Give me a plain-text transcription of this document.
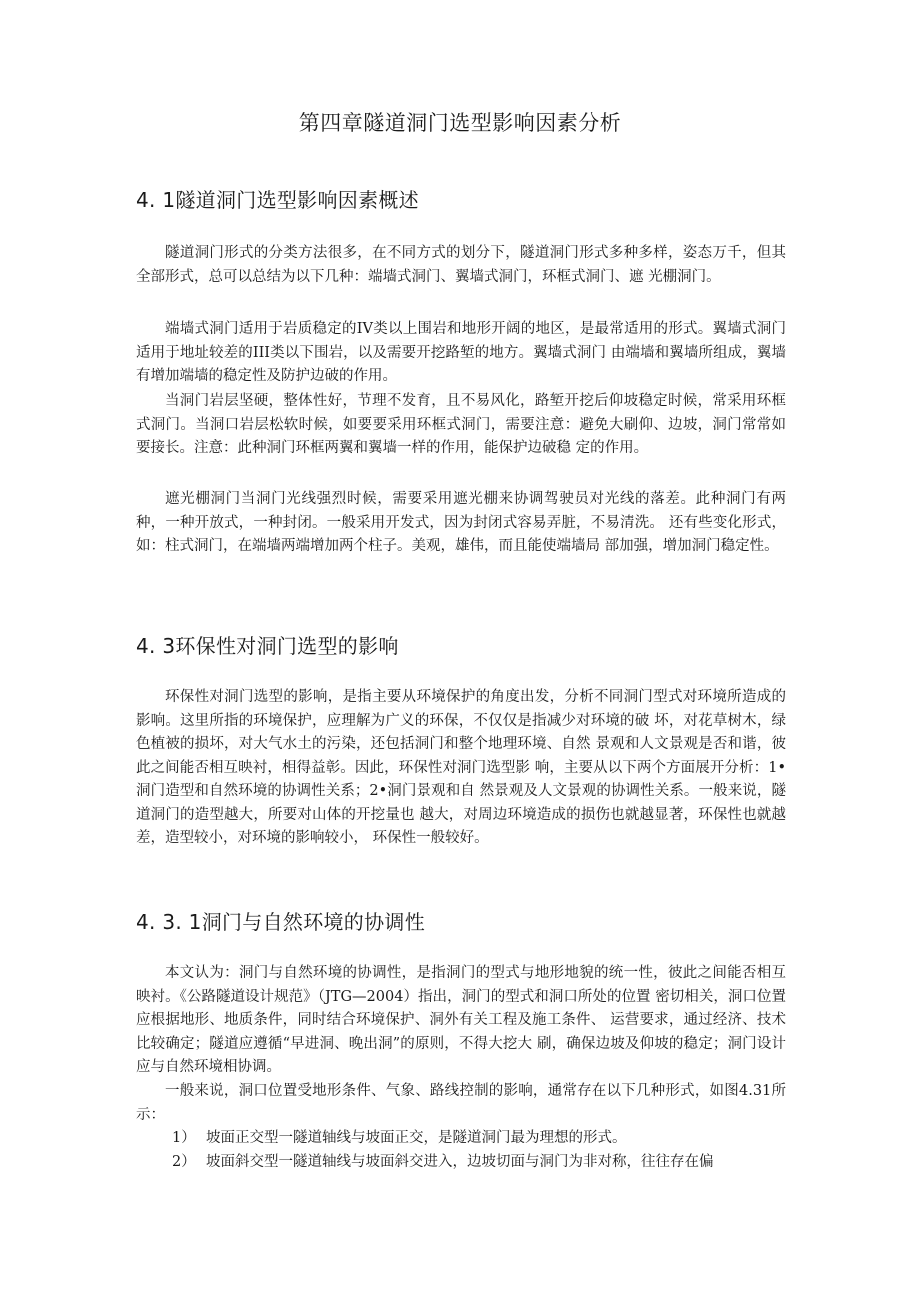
第四章隧道洞门选型影响因素分析
4. 1隧道洞门选型影响因素概述

隧道洞门形式的分类方法很多，在不同方式的划分下，隧道洞门形式多种多样，姿态万千，但其全部形式，总可以总结为以下几种：端墙式洞门、翼墙式洞门，环框式洞门、遮 光棚洞门。

端墙式洞门适用于岩质稳定的IV类以上围岩和地形开阔的地区，是最常适用的形式。翼墙式洞门适用于地址较差的III类以下围岩，以及需要开挖路堑的地方。翼墙式洞门 由端墙和翼墙所组成，翼墙有增加端墙的稳定性及防护边破的作用。

当洞门岩层坚硬，整体性好，节理不发育，且不易风化，路堑开挖后仰坡稳定时候，常采用环框式洞门。当洞口岩层松软时候，如要要采用环框式洞门，需要注意：避免大刷仰、边坡，洞门常常如要接长。注意：此种洞门环框两翼和翼墙一样的作用，能保护边破稳 定的作用。

遮光棚洞门当洞门光线强烈时候，需要采用遮光棚来协调驾驶员对光线的落差。此种洞门有两种，一种开放式，一种封闭。一般采用开发式，因为封闭式容易弄脏，不易清洗。 还有些变化形式，如：柱式洞门，在端墙两端增加两个柱子。美观，雄伟，而且能使端墙局 部加强，增加洞门稳定性。

4. 3环保性对洞门选型的影响

环保性对洞门选型的影响，是指主要从环境保护的角度出发，分析不同洞门型式对环境所造成的影响。这里所指的环境保护，应理解为广义的环保，不仅仅是指减少对环境的破 坏，对花草树木，绿色植被的损坏，对大气水土的污染，还包括洞门和整个地理环境、自然 景观和人文景观是否和谐，彼此之间能否相互映衬，相得益彰。因此，环保性对洞门选型影 响，主要从以下两个方面展开分析：1•洞门造型和自然环境的协调性关系；2•洞门景观和自 然景观及人文景观的协调性关系。一般来说，隧道洞门的造型越大，所要对山体的开挖量也 越大，对周边环境造成的损伤也就越显著，环保性也就越差，造型较小，对环境的影响较小， 环保性一般较好。

4. 3. 1洞门与自然环境的协调性

本文认为：洞门与自然环境的协调性，是指洞门的型式与地形地貌的统一性，彼此之间能否相互映衬。《公路隧道设计规范》（JTG—2004）指出，洞门的型式和洞口所处的位置 密切相关，洞口位置应根据地形、地质条件，同时结合环境保护、洞外有关工程及施工条件、 运营要求，通过经济、技术比较确定；隧道应遵循“早进洞、晚出洞”的原则，不得大挖大 刷，确保边坡及仰坡的稳定；洞门设计应与自然环境相协调。

一般来说，洞口位置受地形条件、气象、路线控制的影响，通常存在以下几种形式，如图4.31所示：

1） 坡面正交型一隧道轴线与坡面正交，是隧道洞门最为理想的形式。

2） 坡面斜交型一隧道轴线与坡面斜交进入，边坡切面与洞门为非对称，往往存在偏
